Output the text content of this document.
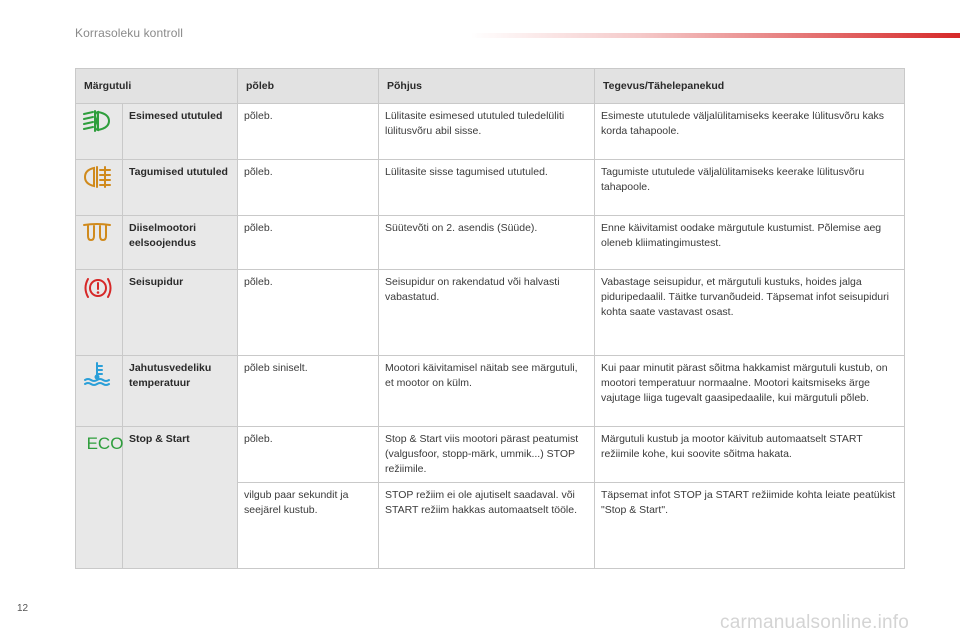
Korrasoleku kontroll
Märgutuli		põleb	Põhjus	Tegevus/Tähelepanekud
	Esimesed ututuled	põleb.	Lülitasite esimesed ututuled tuledelüliti lülitusvõru abil sisse.	Esimeste ututulede väljalülitamiseks keerake lülitusvõru kaks korda tahapoole.
	Tagumised ututuled	põleb.	Lülitasite sisse tagumised ututuled.	Tagumiste ututulede väljalülitamiseks keerake lülitusvõru tahapoole.
	Diiselmootori eelsoojendus	põleb.	Süütevõti on 2. asendis (Süüde).	Enne käivitamist oodake märgutule kustumist. Põlemise aeg oleneb kliimatingimustest.
	Seisupidur	põleb.	Seisupidur on rakendatud või halvasti vabastatud.	Vabastage seisupidur, et märgutuli kustuks, hoides jalga piduripedaalil. Täitke turvanõudeid. Täpsemat infot seisupiduri kohta saate vastavast osast.
	Jahutusvedeliku temperatuur	põleb siniselt.	Mootori käivitamisel näitab see märgutuli, et mootor on külm.	Kui paar minutit pärast sõitma hakkamist märgutuli kustub, on mootori temperatuur normaalne. Mootori kaitsmiseks ärge vajutage liiga tugevalt gaasipedaalile, kui märgutuli põleb.

ECO	Stop & Start	põleb.	Stop & Start viis mootori pärast peatumist (valgusfoor, stopp-märk, ummik...) STOP režiimile.	Märgutuli kustub ja mootor käivitub automaatselt START režiimile kohe, kui soovite sõitma hakata.
		vilgub paar sekundit ja seejärel kustub.	STOP režiim ei ole ajutiselt saadaval. või START režiim hakkas automaatselt tööle.	Täpsemat infot STOP ja START režiimide kohta leiate peatükist "Stop & Start".
12
carmanualsonline.info
